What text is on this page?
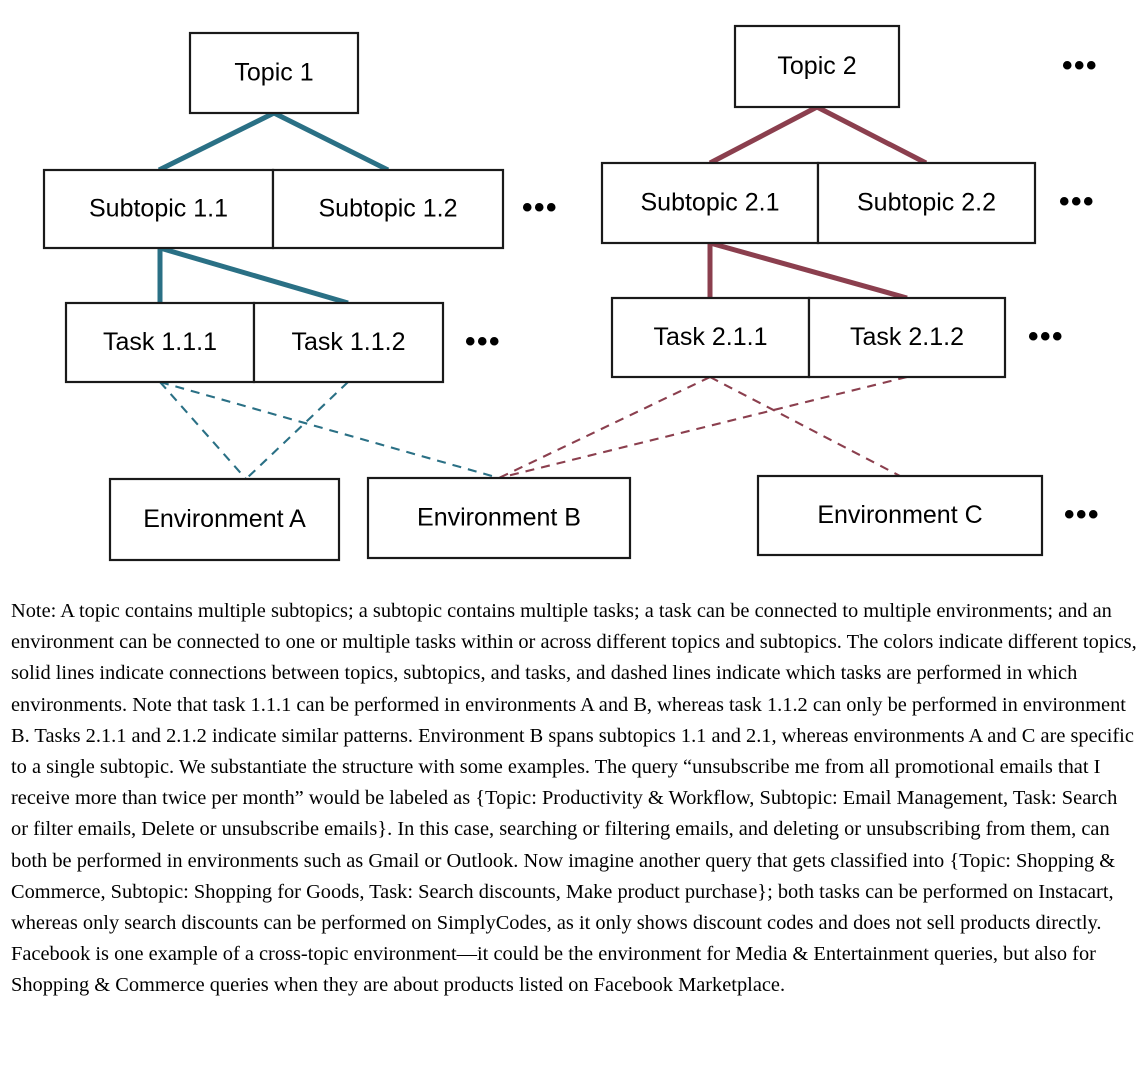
Topic 1	Topic 2
Subtopic 1.1	Subtopic 1.2	Subtopic 2.1	Subtopic 2.2
Task 1.1.1	Task 1.1.2	Task 2.1.1	Task 2.1.2
Environment A	Environment B	Environment C
•••
•••	•••
•••	•••
•••
Note: A topic contains multiple subtopics; a subtopic contains multiple tasks; a task can be connected to multiple environments; and an environment can be connected to one or multiple tasks within or across different topics and subtopics. The colors indicate different topics, solid lines indicate connections between topics, subtopics, and tasks, and dashed lines indicate which tasks are performed in which environments. Note that task 1.1.1 can be performed in environments A and B, whereas task 1.1.2 can only be performed in environment B. Tasks 2.1.1 and 2.1.2 indicate similar patterns. Environment B spans subtopics 1.1 and 2.1, whereas environments A and C are specific to a single subtopic. We substantiate the structure with some examples. The query “unsubscribe me from all promotional emails that I receive more than twice per month” would be labeled as {Topic: Productivity & Workflow, Subtopic: Email Management, Task: Search or filter emails, Delete or unsubscribe emails}. In this case, searching or filtering emails, and deleting or unsubscribing from them, can both be performed in environments such as Gmail or Outlook. Now imagine another query that gets classified into {Topic: Shopping & Commerce, Subtopic: Shopping for Goods, Task: Search discounts, Make product purchase}; both tasks can be performed on Instacart, whereas only search discounts can be performed on SimplyCodes, as it only shows discount codes and does not sell products directly. Facebook is one example of a cross-topic environment—it could be the environment for Media & Entertainment queries, but also for Shopping & Commerce queries when they are about products listed on Facebook Marketplace.
